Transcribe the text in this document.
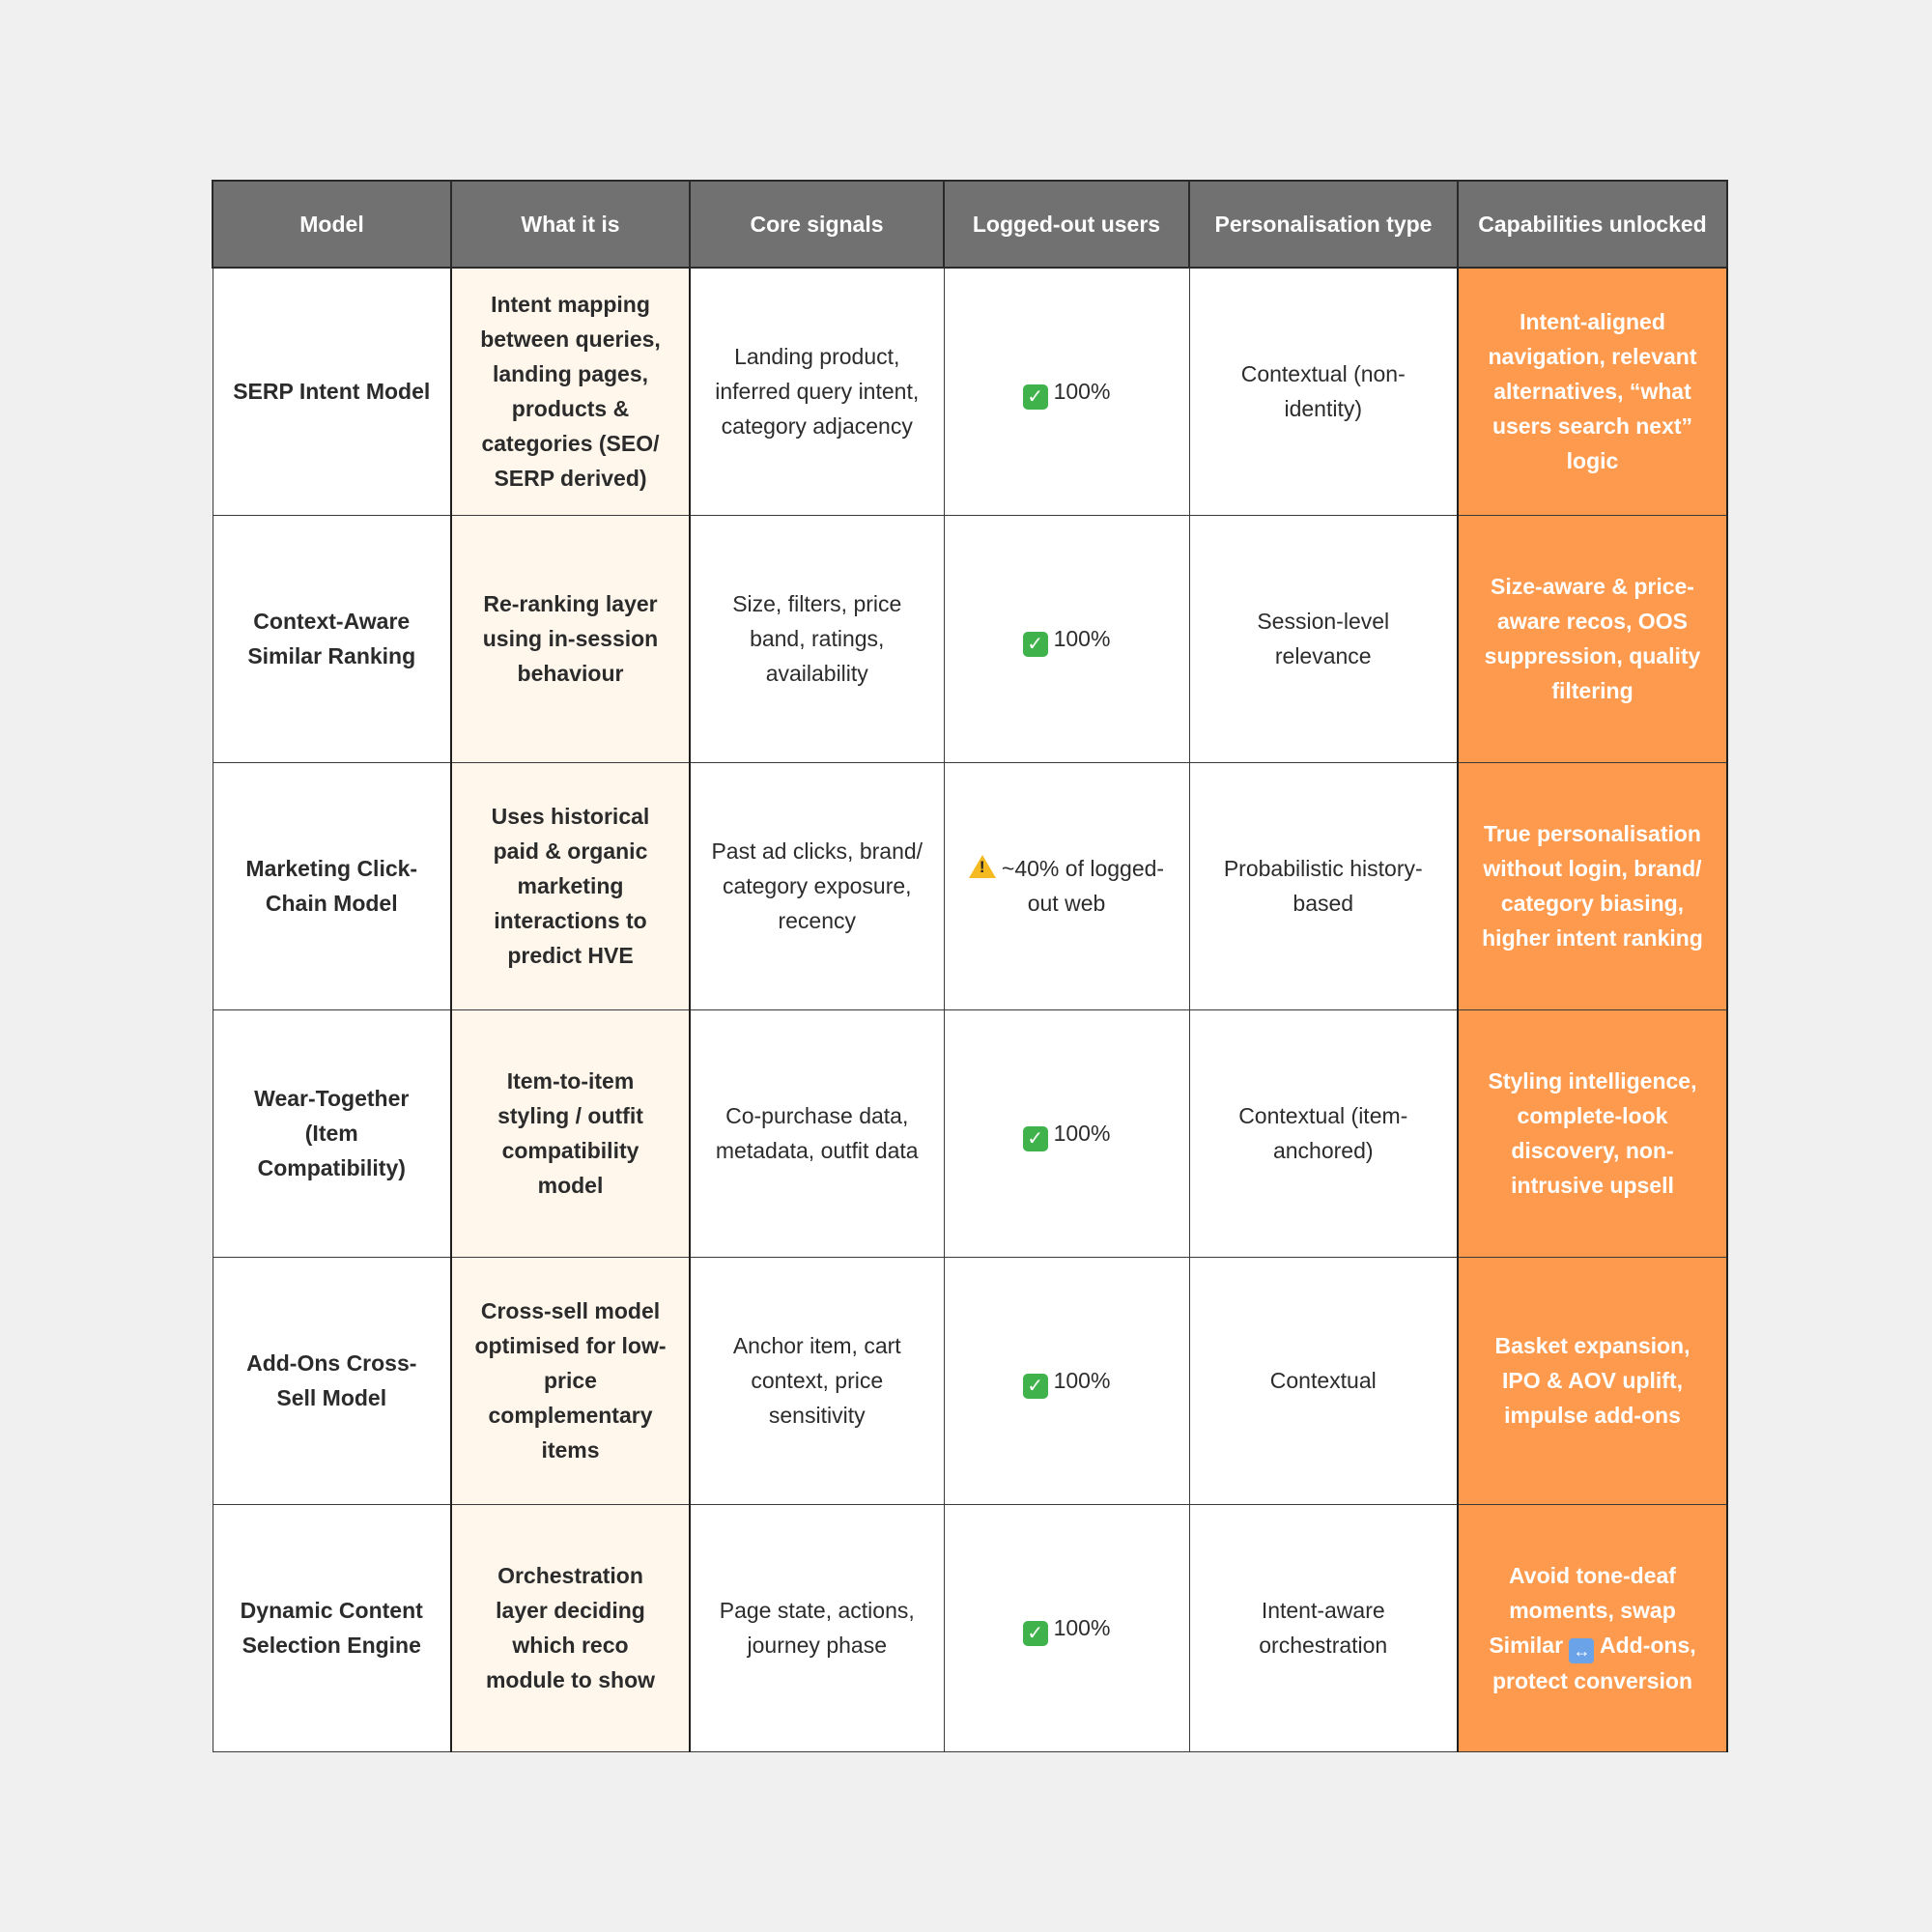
Model	What it is	Core signals	Logged-out users	Personalisation type	Capabilities unlocked
SERP Intent Model	Intent mapping between queries, landing pages, products & categories (SEO/ SERP derived)	Landing product, inferred query intent, category adjacency	✓ 100%	Contextual (non-identity)	Intent-aligned navigation, relevant alternatives, “what users search next” logic
Context-Aware Similar Ranking	Re-ranking layer using in-session behaviour	Size, filters, price band, ratings, availability	✓ 100%	Session-level relevance	Size-aware & price-aware recos, OOS suppression, quality filtering
Marketing Click-Chain Model	Uses historical paid & organic marketing interactions to predict HVE	Past ad clicks, brand/ category exposure, recency	!~40% of logged-out web	Probabilistic history-based	True personalisation without login, brand/ category biasing, higher intent ranking
Wear-Together (Item Compatibility)	Item-to-item styling / outfit compatibility model	Co-purchase data, metadata, outfit data	✓ 100%	Contextual (item-anchored)	Styling intelligence, complete-look discovery, non-intrusive upsell
Add-Ons Cross-Sell Model	Cross-sell model optimised for low-price complementary items	Anchor item, cart context, price sensitivity	✓ 100%	Contextual	Basket expansion, IPO & AOV uplift, impulse add-ons
Dynamic Content Selection Engine	Orchestration layer deciding which reco module to show	Page state, actions, journey phase	✓ 100%	Intent-aware orchestration	Avoid tone-deaf moments, swap Similar ↔ Add-ons, protect conversion
